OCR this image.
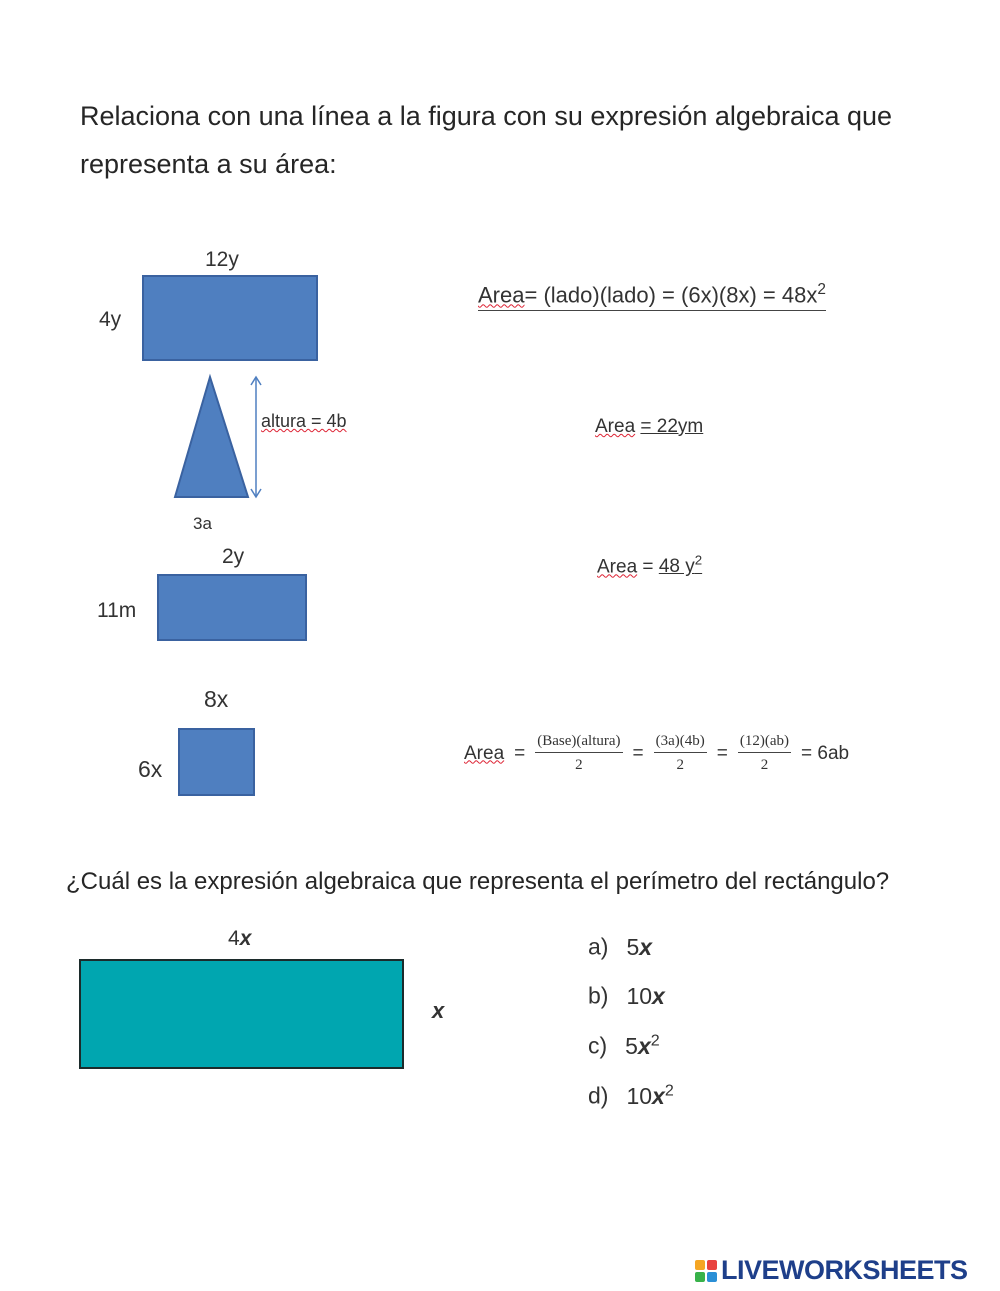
Relaciona con una línea a la figura con su expresión algebraica que representa a su área:
12y
4y
altura = 4b
3a
2y
11m
8x
6x
Area= (lado)(lado) = $(6x)(8x) = 48x^2$
Area = 22ym
Area = 48 $y^2$
Area = $\frac{\text{(Base)(altura)}}{2} = \frac{(3a)(4b)}{2} = \frac{(12)(ab)}{2} = 6ab$
¿Cuál es la expresión algebraica que representa el perímetro del rectángulo?
4x
x
a) 5x
b) 10x
c) $5x^2$
d) $10x^2$
LIVEWORKSHEETS
